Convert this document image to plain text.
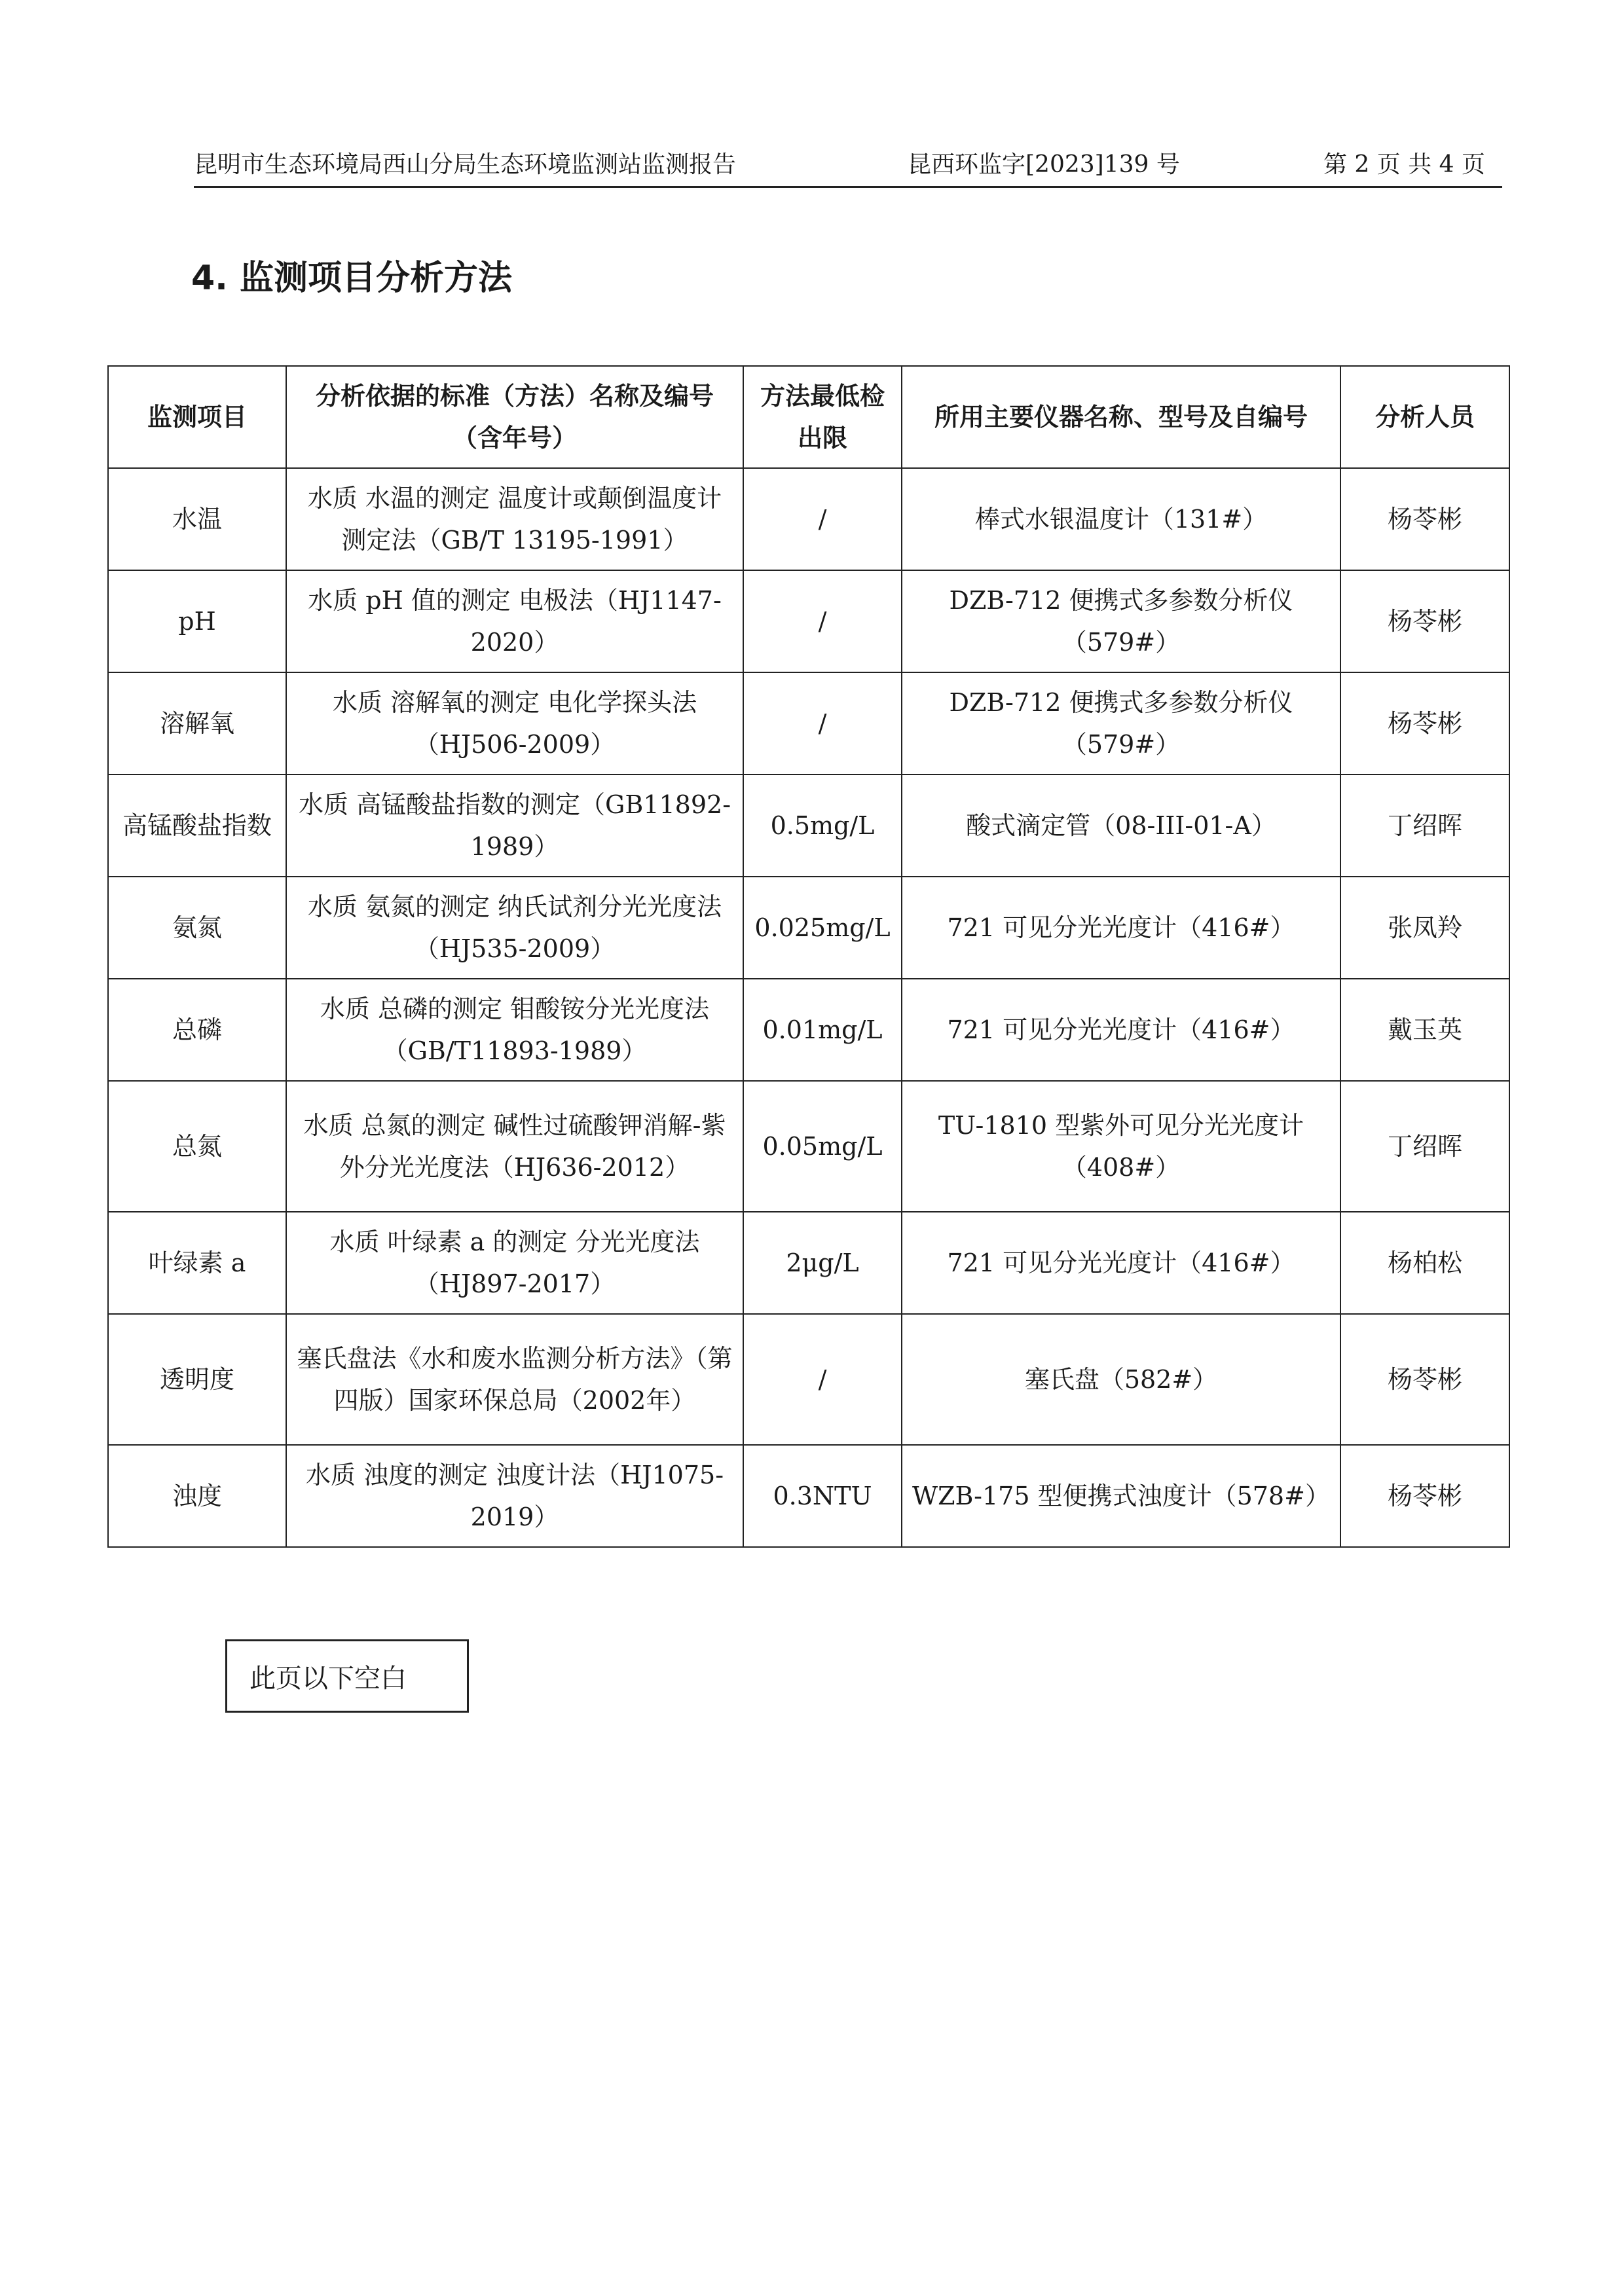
昆明市生态环境局西山分局生态环境监测站监测报告	昆西环监字[2023]139 号	第 2 页 共 4 页
4. 监测项目分析方法
监测项目	分析依据的标准（方法）名称及编号（含年号）	方法最低检出限	所用主要仪器名称、型号及自编号	分析人员
水温	水质 水温的测定 温度计或颠倒温度计测定法（GB/T 13195-1991）	/	棒式水银温度计（131#）	杨苓彬
pH	水质 pH 值的测定 电极法（HJ1147-2020）	/	DZB-712 便携式多参数分析仪（579#）	杨苓彬
溶解氧	水质 溶解氧的测定 电化学探头法（HJ506-2009）	/	DZB-712 便携式多参数分析仪（579#）	杨苓彬
高锰酸盐指数	水质 高锰酸盐指数的测定（GB11892-1989）	0.5mg/L	酸式滴定管（08-III-01-A）	丁绍晖
氨氮	水质 氨氮的测定 纳氏试剂分光光度法（HJ535-2009）	0.025mg/L	721 可见分光光度计（416#）	张凤羚
总磷	水质 总磷的测定 钼酸铵分光光度法（GB/T11893-1989）	0.01mg/L	721 可见分光光度计（416#）	戴玉英
总氮	水质 总氮的测定 碱性过硫酸钾消解-紫外分光光度法（HJ636-2012）	0.05mg/L	TU-1810 型紫外可见分光光度计（408#）	丁绍晖
叶绿素 a	水质 叶绿素 a 的测定 分光光度法（HJ897-2017）	2μg/L	721 可见分光光度计（416#）	杨柏松
透明度	塞氏盘法《水和废水监测分析方法》（第四版）国家环保总局（2002年）	/	塞氏盘（582#）	杨苓彬
浊度	水质 浊度的测定 浊度计法（HJ1075-2019）	0.3NTU	WZB-175 型便携式浊度计（578#）	杨苓彬
此页以下空白
